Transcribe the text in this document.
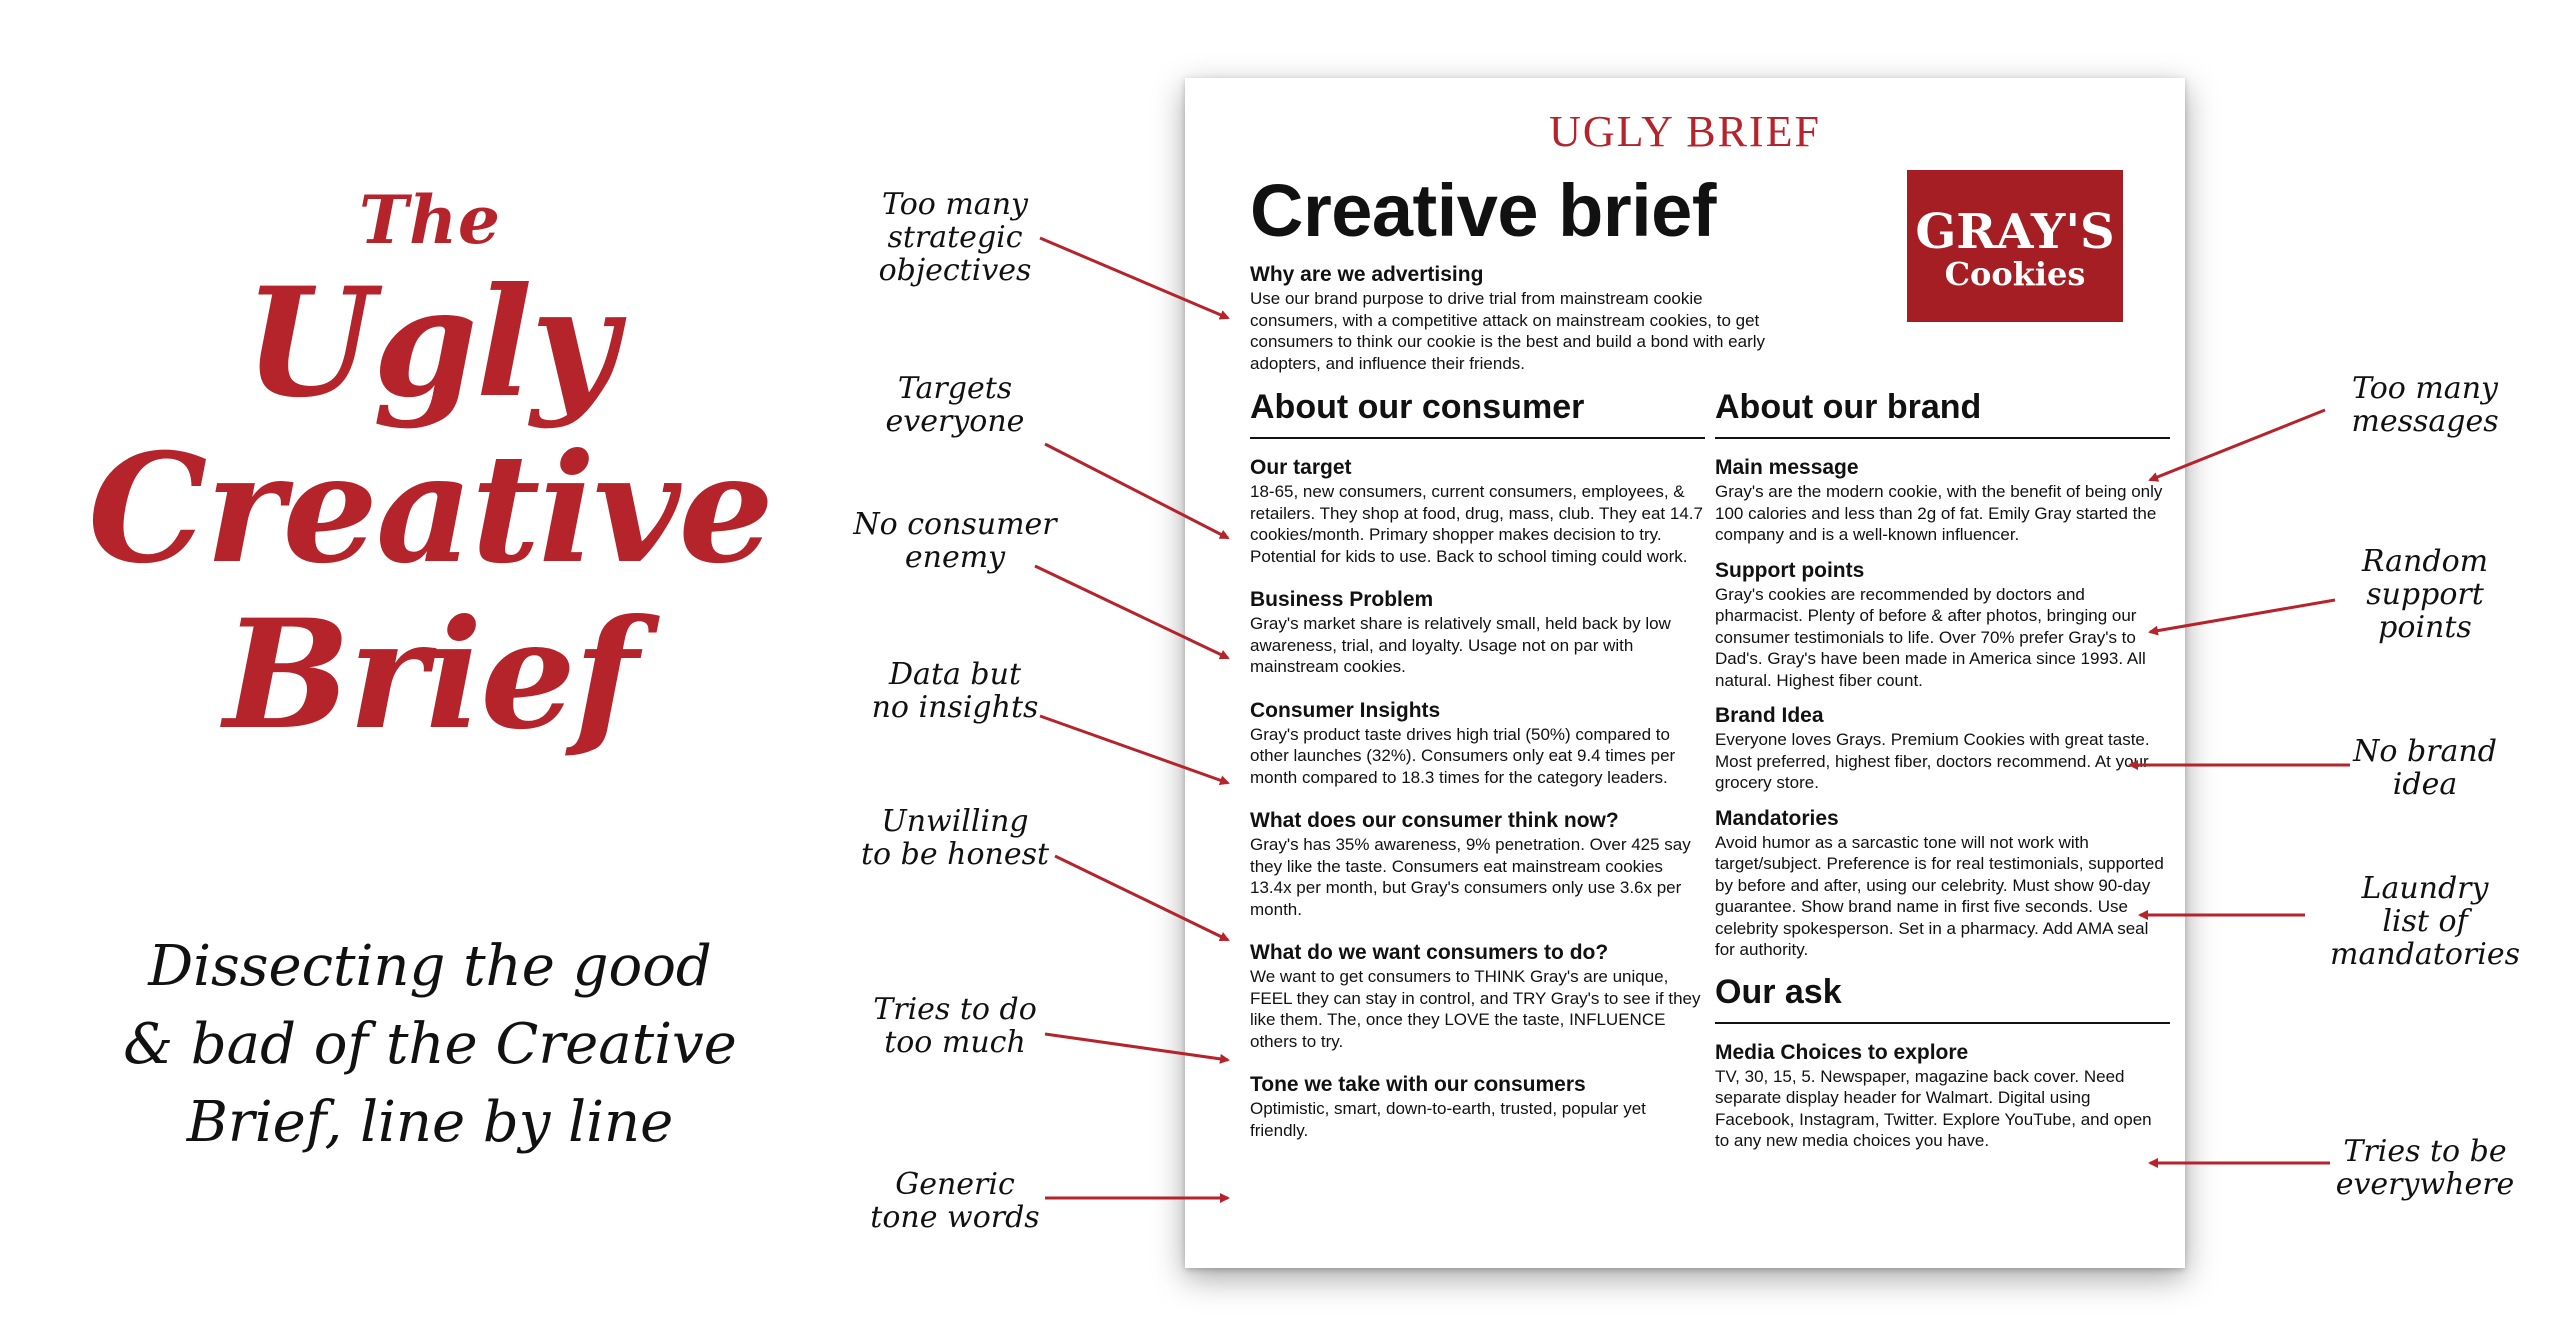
The
Ugly
Creative
Brief
Dissecting the good
& bad of the Creative
Brief, line by line
UGLY BRIEF
Creative brief	GRAY'S
Cookies
Why are we advertising
Use our brand purpose to drive trial from mainstream cookie consumers, with a competitive attack on mainstream cookies, to get consumers to think our cookie is the best and build a bond with early adopters, and influence their friends.
About our consumer
Our target
18-65, new consumers, current consumers, employees, & retailers. They shop at food, drug, mass, club. They eat 14.7 cookies/month. Primary shopper makes decision to try. Potential for kids to use. Back to school timing could work.
Business Problem
Gray's market share is relatively small, held back by low awareness, trial, and loyalty. Usage not on par with mainstream cookies.
Consumer Insights
Gray's product taste drives high trial (50%) compared to other launches (32%). Consumers only eat 9.4 times per month compared to 18.3 times for the category leaders.
What does our consumer think now?
Gray's has 35% awareness, 9% penetration. Over 425 say they like the taste. Consumers eat mainstream cookies 13.4x per month, but Gray's consumers only use 3.6x per month.
What do we want consumers to do?
We want to get consumers to THINK Gray's are unique, FEEL they can stay in control, and TRY Gray's to see if they like them. The, once they LOVE the taste, INFLUENCE others to try.
Tone we take with our consumers
Optimistic, smart, down-to-earth, trusted, popular yet friendly.
About our brand
Main message
Gray's are the modern cookie, with the benefit of being only 100 calories and less than 2g of fat. Emily Gray started the company and is a well-known influencer.
Support points
Gray's cookies are recommended by doctors and pharmacist. Plenty of before & after photos, bringing our consumer testimonials to life. Over 70% prefer Gray's to Dad's. Gray's have been made in America since 1993. All natural. Highest fiber count.
Brand Idea
Everyone loves Grays. Premium Cookies with great taste. Most preferred, highest fiber, doctors recommend. At your grocery store.
Mandatories
Avoid humor as a sarcastic tone will not work with target/subject. Preference is for real testimonials, supported by before and after, using our celebrity. Must show 90-day guarantee. Show brand name in first five seconds. Use celebrity spokesperson. Set in a pharmacy. Add AMA seal for authority.
Our ask
Media Choices to explore
TV, 30, 15, 5. Newspaper, magazine back cover. Need separate display header for Walmart. Digital using Facebook, Instagram, Twitter. Explore YouTube, and open to any new media choices you have.
Too many
strategic
objectives
Targets
everyone
No consumer
enemy
Data but
no insights
Unwilling
to be honest
Tries to do
too much
Generic
tone words
Too many
messages
Random
support
points
No brand
idea
Laundry
list of
mandatories
Tries to be
everywhere
